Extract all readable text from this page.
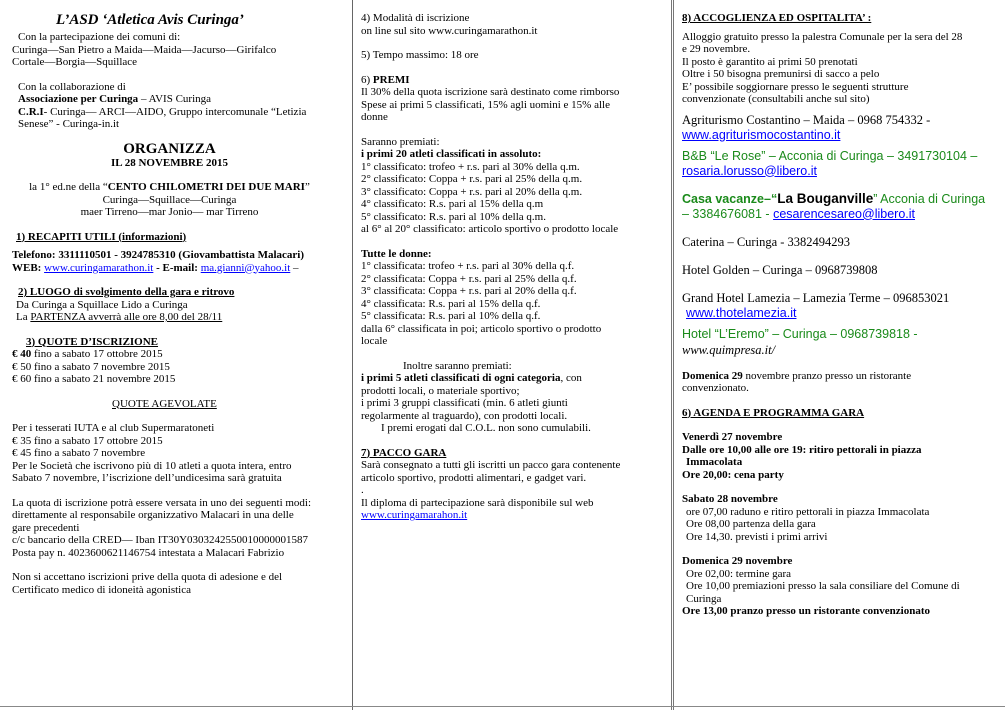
L’ASD ‘Atletica Avis Curinga’

Con la partecipazione dei comuni di:

Curinga—San Pietro a Maida—Maida—Jacurso—Girifalco

Cortale—Borgia—Squillace

Con la collaborazione di

Associazione per Curinga – AVIS Curinga

C.R.I- Curinga— ARCI—AIDO, Gruppo intercomunale “Letizia

Senese” - Curinga-in.it

ORGANIZZA

IL 28 NOVEMBRE 2015

la 1° ed.ne della “CENTO CHILOMETRI DEI DUE MARI”

Curinga—Squillace—Curinga

maer Tirreno—mar Jonio— mar Tirreno

1) RECAPITI UTILI (informazioni)

Telefono: 3311110501 - 3924785310 (Giovambattista Malacari)

WEB: www.curingamarathon.it - E-mail: ma.gianni@yahoo.it –

2) LUOGO di svolgimento della gara e ritrovo

Da Curinga a Squillace Lido a Curinga

La PARTENZA avverrà alle ore 8,00 del 28/11

3) QUOTE D’ISCRIZIONE

€ 40 fino a sabato 17 ottobre 2015

€ 50 fino a sabato 7 novembre 2015

€ 60 fino a sabato 21 novembre 2015

QUOTE AGEVOLATE

Per i tesserati IUTA e al club Supermaratoneti

€ 35 fino a sabato 17 ottobre 2015

€ 45 fino a sabato 7 novembre

Per le Società che iscrivono più di 10 atleti a quota intera, entro

Sabato 7 novembre, l’iscrizione dell’undicesima sarà gratuita

La quota di iscrizione potrà essere versata in uno dei seguenti modi:

direttamente al responsabile organizzativo Malacari in una delle

gare precedenti

c/c bancario della CRED— Iban IT30Y0303242550010000001587

Posta pay n. 4023600621146754 intestata a Malacari Fabrizio

Non si accettano iscrizioni prive della quota di adesione e del

Certificato medico di idoneità agonistica

4) Modalità di iscrizione

on line sul sito www.curingamarathon.it

5) Tempo massimo: 18 ore

6) PREMI

Il 30% della quota iscrizione sarà destinato come rimborso

Spese ai primi 5 classificati, 15% agli uomini e 15% alle

donne

Saranno premiati:

i primi 20 atleti classificati in assoluto:

1° classificato: trofeo + r.s. pari al 30% della q.m.

2° classificato: Coppa + r.s. pari al 25% della q.m.

3° classificato: Coppa + r.s. pari al 20% della q.m.

4° classificato: R.s. pari al 15% della q.m

5° classificato: R.s. pari al 10% della q.m.

al 6° al 20° classificato: articolo sportivo o prodotto locale

Tutte le donne:

1° classificata: trofeo + r.s. pari al 30% della q.f.

2° classificata: Coppa + r.s. pari al 25% della q.f.

3° classificata: Coppa + r.s. pari al 20% della q.f.

4° classificata: R.s. pari al 15% della q.f.

5° classificata: R.s. pari al 10% della q.f.

dalla 6° classificata in poi; articolo sportivo o prodotto

locale

Inoltre saranno premiati:

i primi 5 atleti classificati di ogni categoria, con

prodotti locali, o materiale sportivo;

i primi 3 gruppi classificati (min. 6 atleti giunti

regolarmente al traguardo), con prodotti locali.

I premi erogati dal C.O.L. non sono cumulabili.

7) PACCO GARA

Sarà consegnato a tutti gli iscritti un pacco gara contenente

articolo sportivo, prodotti alimentari, e gadget vari.

.

Il diploma di partecipazione sarà disponibile sul web

www.curingamarahon.it

8) ACCOGLIENZA ED OSPITALITA’ :

Alloggio gratuito presso la palestra Comunale per la sera del 28

e 29 novembre.

Il posto è garantito ai primi 50 prenotati

Oltre i 50 bisogna premunirsi di sacco a pelo

E’ possibile soggiornare presso le seguenti strutture

convenzionate (consultabili anche sul sito)

Agriturismo Costantino – Maida – 0968 754332 -

www.agriturismocostantino.it

B&B “Le Rose” – Acconia di Curinga – 3491730104 –

rosaria.lorusso@libero.it

Casa vacanze–“La Bouganville” Acconia di Curinga

– 3384676081 - cesarencesareo@libero.it

Caterina – Curinga - 3382494293

Hotel Golden – Curinga – 0968739808

Grand Hotel Lamezia – Lamezia Terme – 096853021

www.thotelamezia.it

Hotel “L’Eremo” – Curinga – 0968739818 -

www.quimpresa.it/

Domenica 29 novembre pranzo presso un ristorante

convenzionato.

6) AGENDA E PROGRAMMA GARA

Venerdì 27 novembre

Dalle ore 10,00 alle ore 19: ritiro pettorali in piazza

Immacolata

Ore 20,00: cena party

Sabato 28 novembre

ore 07,00 raduno e ritiro pettorali in piazza Immacolata

Ore 08,00 partenza della gara

Ore 14,30. previsti i primi arrivi

Domenica 29 novembre

Ore 02,00: termine gara

Ore 10,00 premiazioni presso la sala consiliare del Comune di

Curinga

Ore 13,00 pranzo presso un ristorante convenzionato
